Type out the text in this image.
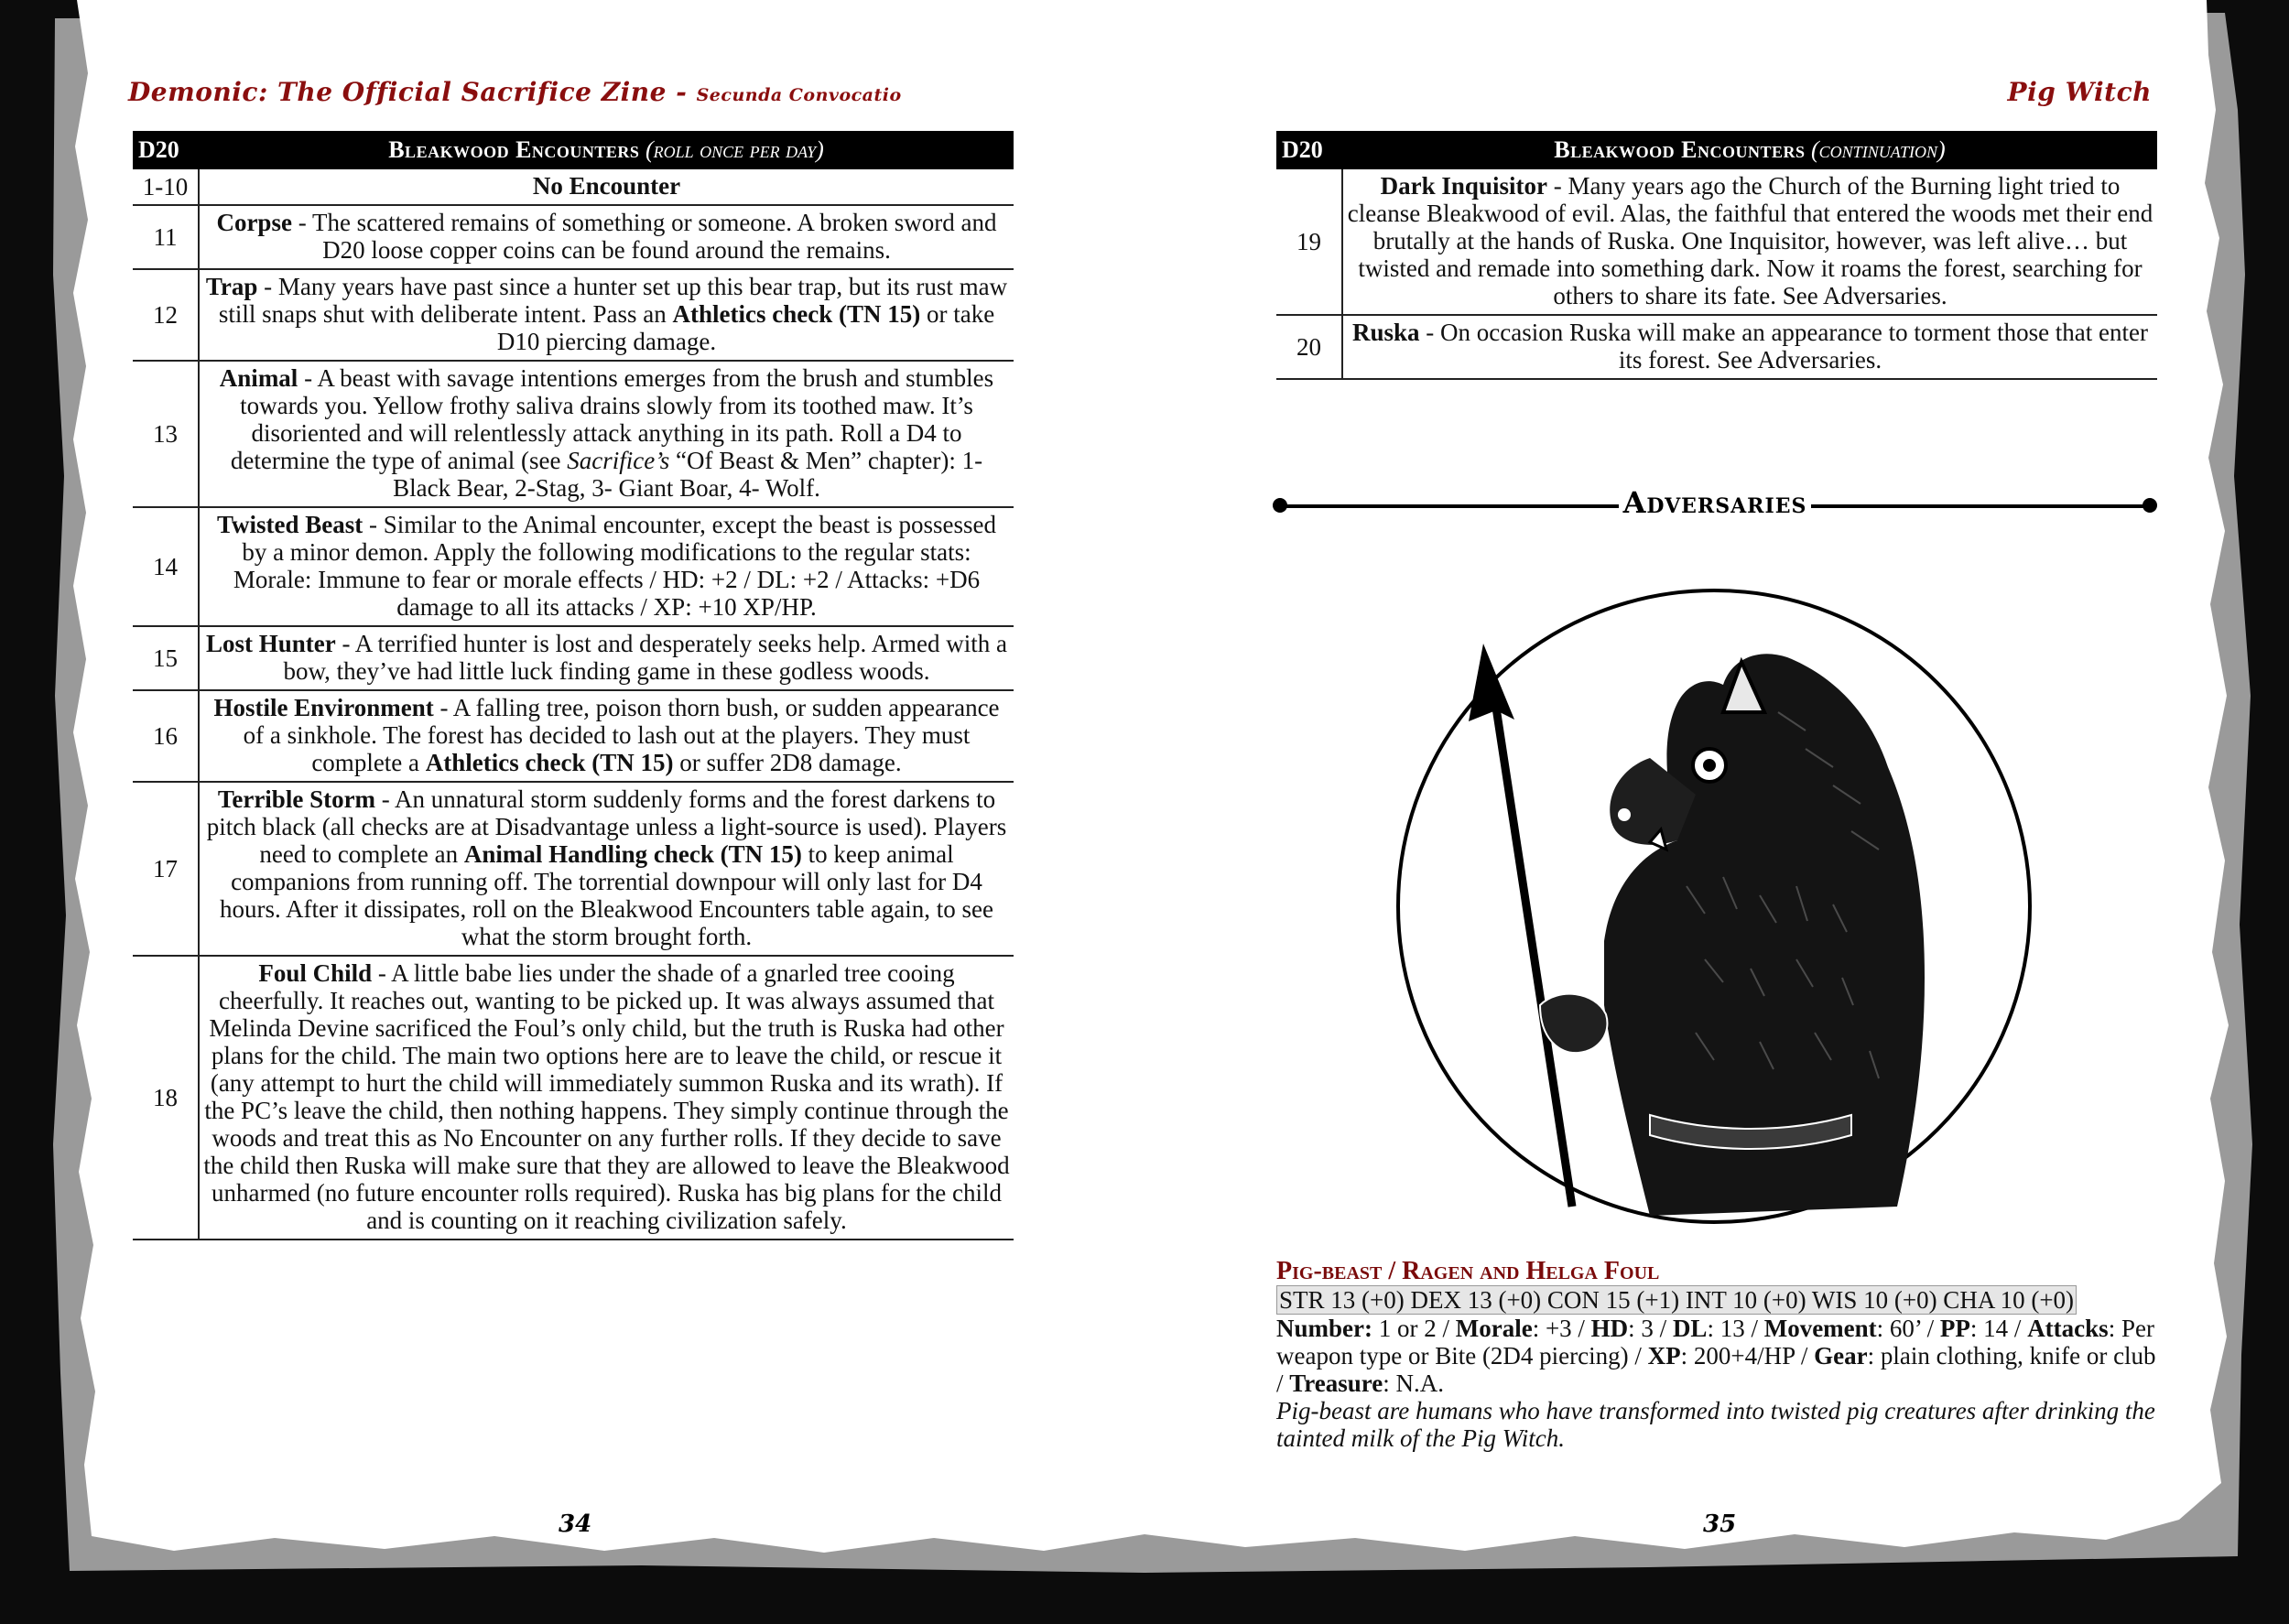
Demonic: The Official Sacrifice Zine - Secunda Convocatio
D20	Bleakwood Encounters (roll once per day)
1-10	No Encounter
11	Corpse - The scattered remains of something or someone. A broken sword and D20 loose copper coins can be found around the remains.
12	Trap - Many years have past since a hunter set up this bear trap, but its rust maw still snaps shut with deliberate intent. Pass an Athletics check (TN 15) or take D10 piercing damage.
13	Animal - A beast with savage intentions emerges from the brush and stumbles towards you. Yellow frothy saliva drains slowly from its toothed maw. It’s disoriented and will relentlessly attack anything in its path. Roll a D4 to determine the type of animal (see Sacrifice’s “Of Beast & Men” chapter): 1-Black Bear, 2-Stag, 3- Giant Boar, 4- Wolf.
14	Twisted Beast - Similar to the Animal encounter, except the beast is possessed by a minor demon. Apply the following modifications to the regular stats: Morale: Immune to fear or morale effects / HD: +2 / DL: +2 / Attacks: +D6 damage to all its attacks / XP: +10 XP/HP.
15	Lost Hunter - A terrified hunter is lost and desperately seeks help. Armed with a bow, they’ve had little luck finding game in these godless woods.
16	Hostile Environment - A falling tree, poison thorn bush, or sudden appearance of a sinkhole. The forest has decided to lash out at the players. They must complete a Athletics check (TN 15) or suffer 2D8 damage.
17	Terrible Storm - An unnatural storm suddenly forms and the forest darkens to pitch black (all checks are at Disadvantage unless a light-source is used). Players need to complete an Animal Handling check (TN 15) to keep animal companions from running off. The torrential downpour will only last for D4 hours. After it dissipates, roll on the Bleakwood Encounters table again, to see what the storm brought forth.
18	Foul Child - A little babe lies under the shade of a gnarled tree cooing cheerfully. It reaches out, wanting to be picked up. It was always assumed that Melinda Devine sacrificed the Foul’s only child, but the truth is Ruska had other plans for the child. The main two options here are to leave the child, or rescue it (any attempt to hurt the child will immediately summon Ruska and its wrath). If the PC’s leave the child, then nothing happens. They simply continue through the woods and treat this as No Encounter on any further rolls. If they decide to save the child then Ruska will make sure that they are allowed to leave the Bleakwood unharmed (no future encounter rolls required). Ruska has big plans for the child and is counting on it reaching civilization safely.
34
Pig Witch
D20	Bleakwood Encounters (continuation)
19	Dark Inquisitor - Many years ago the Church of the Burning light tried to cleanse Bleakwood of evil. Alas, the faithful that entered the woods met their end brutally at the hands of Ruska. One Inquisitor, however, was left alive… but twisted and remade into something dark. Now it roams the forest, searching for others to share its fate. See Adversaries.
20	Ruska - On occasion Ruska will make an appearance to torment those that enter its forest. See Adversaries.
Adversaries
Pig-beast / Ragen and Helga Foul
STR 13 (+0) DEX 13 (+0) CON 15 (+1) INT 10 (+0) WIS 10 (+0) CHA 10 (+0)
Number: 1 or 2 / Morale: +3 / HD: 3 / DL: 13 / Movement: 60’ / PP: 14 / Attacks: Per weapon type or Bite (2D4 piercing) / XP: 200+4/HP / Gear: plain clothing, knife or club / Treasure: N.A.
Pig-beast are humans who have transformed into twisted pig creatures after drinking the tainted milk of the Pig Witch.
35
